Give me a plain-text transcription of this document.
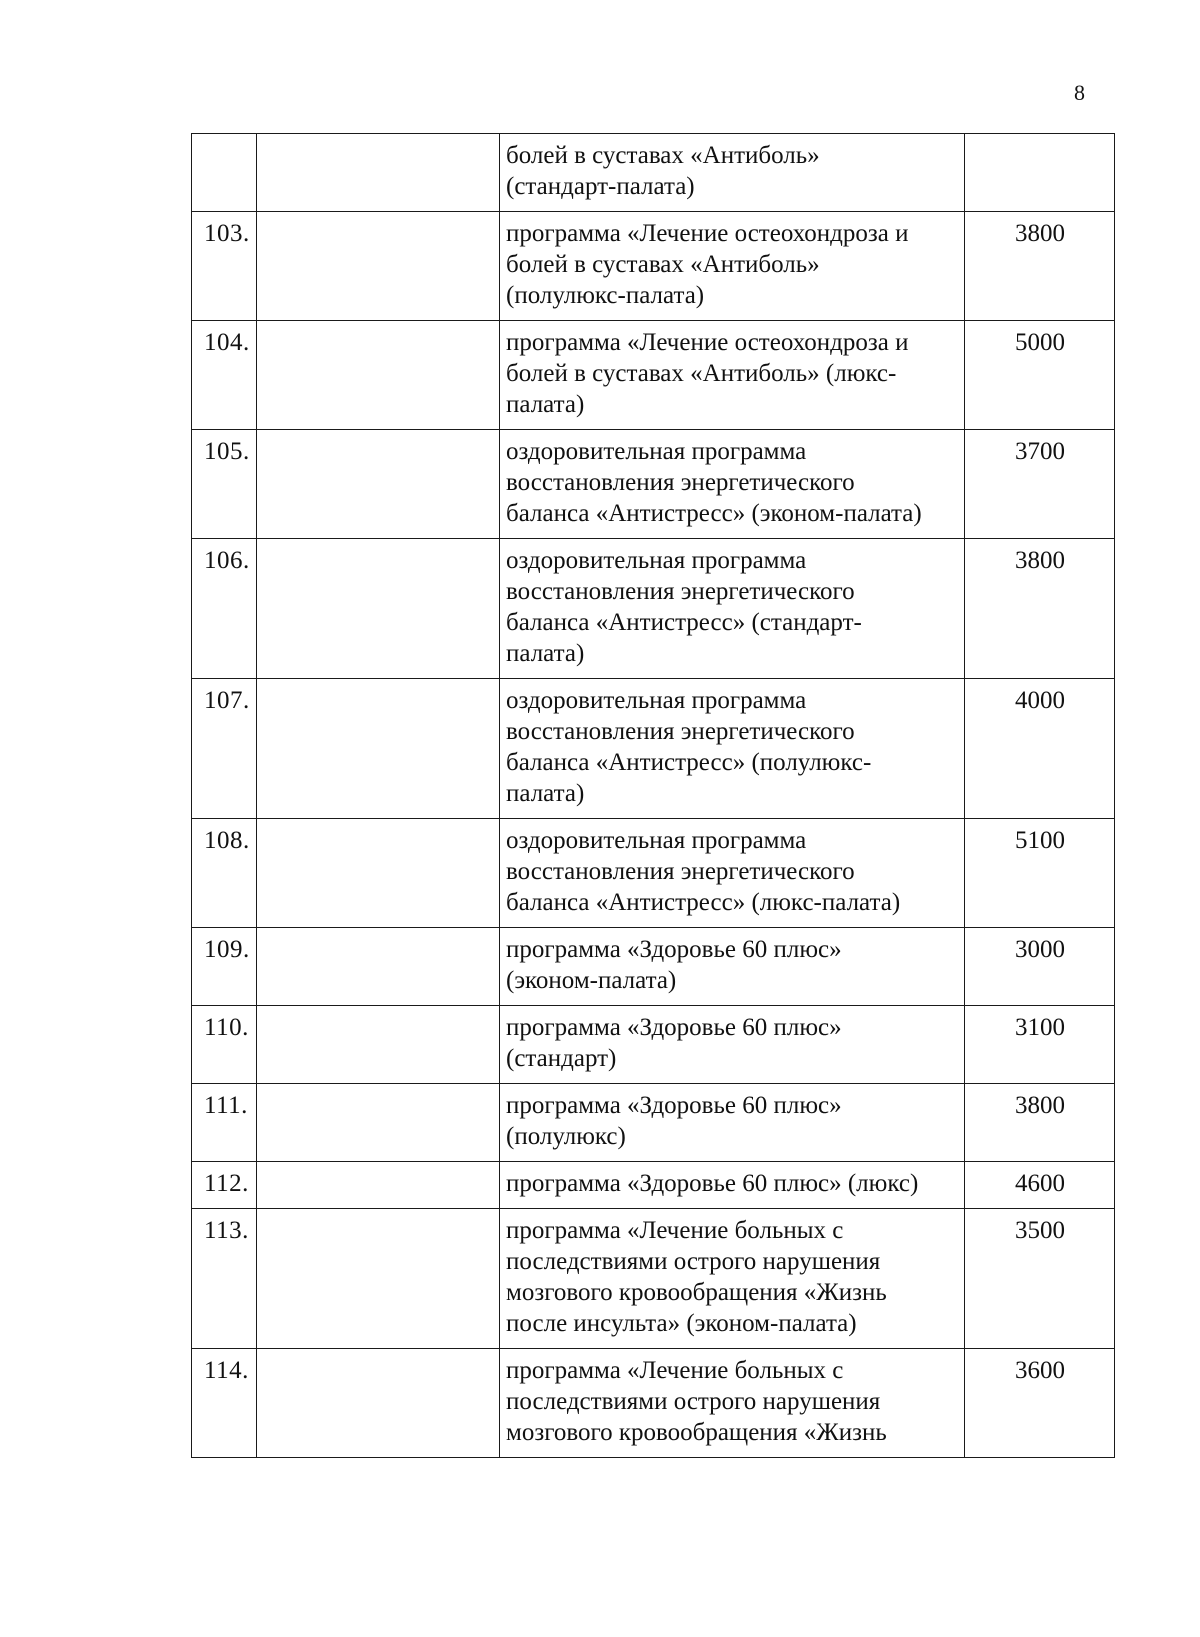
8
		болей в суставах «Антиболь»
(стандарт-палата)	
103.		программа «Лечение остеохондроза и
болей в суставах «Антиболь»
(полулюкс-палата)	3800
104.		программа «Лечение остеохондроза и
болей в суставах «Антиболь» (люкс-
палата)	5000
105.		оздоровительная программа
восстановления энергетического
баланса «Антистресс» (эконом-палата)	3700
106.		оздоровительная программа
восстановления энергетического
баланса «Антистресс» (стандарт-
палата)	3800
107.		оздоровительная программа
восстановления энергетического
баланса «Антистресс» (полулюкс-
палата)	4000
108.		оздоровительная программа
восстановления энергетического
баланса «Антистресс» (люкс-палата)	5100
109.		программа «Здоровье 60 плюс»
(эконом-палата)	3000
110.		программа «Здоровье 60 плюс»
(стандарт)	3100
111.		программа «Здоровье 60 плюс»
(полулюкс)	3800
112.		программа «Здоровье 60 плюс» (люкс)	4600
113.		программа «Лечение больных с
последствиями острого нарушения
мозгового кровообращения «Жизнь
после инсульта» (эконом-палата)	3500
114.		программа «Лечение больных с
последствиями острого нарушения
мозгового кровообращения «Жизнь	3600
